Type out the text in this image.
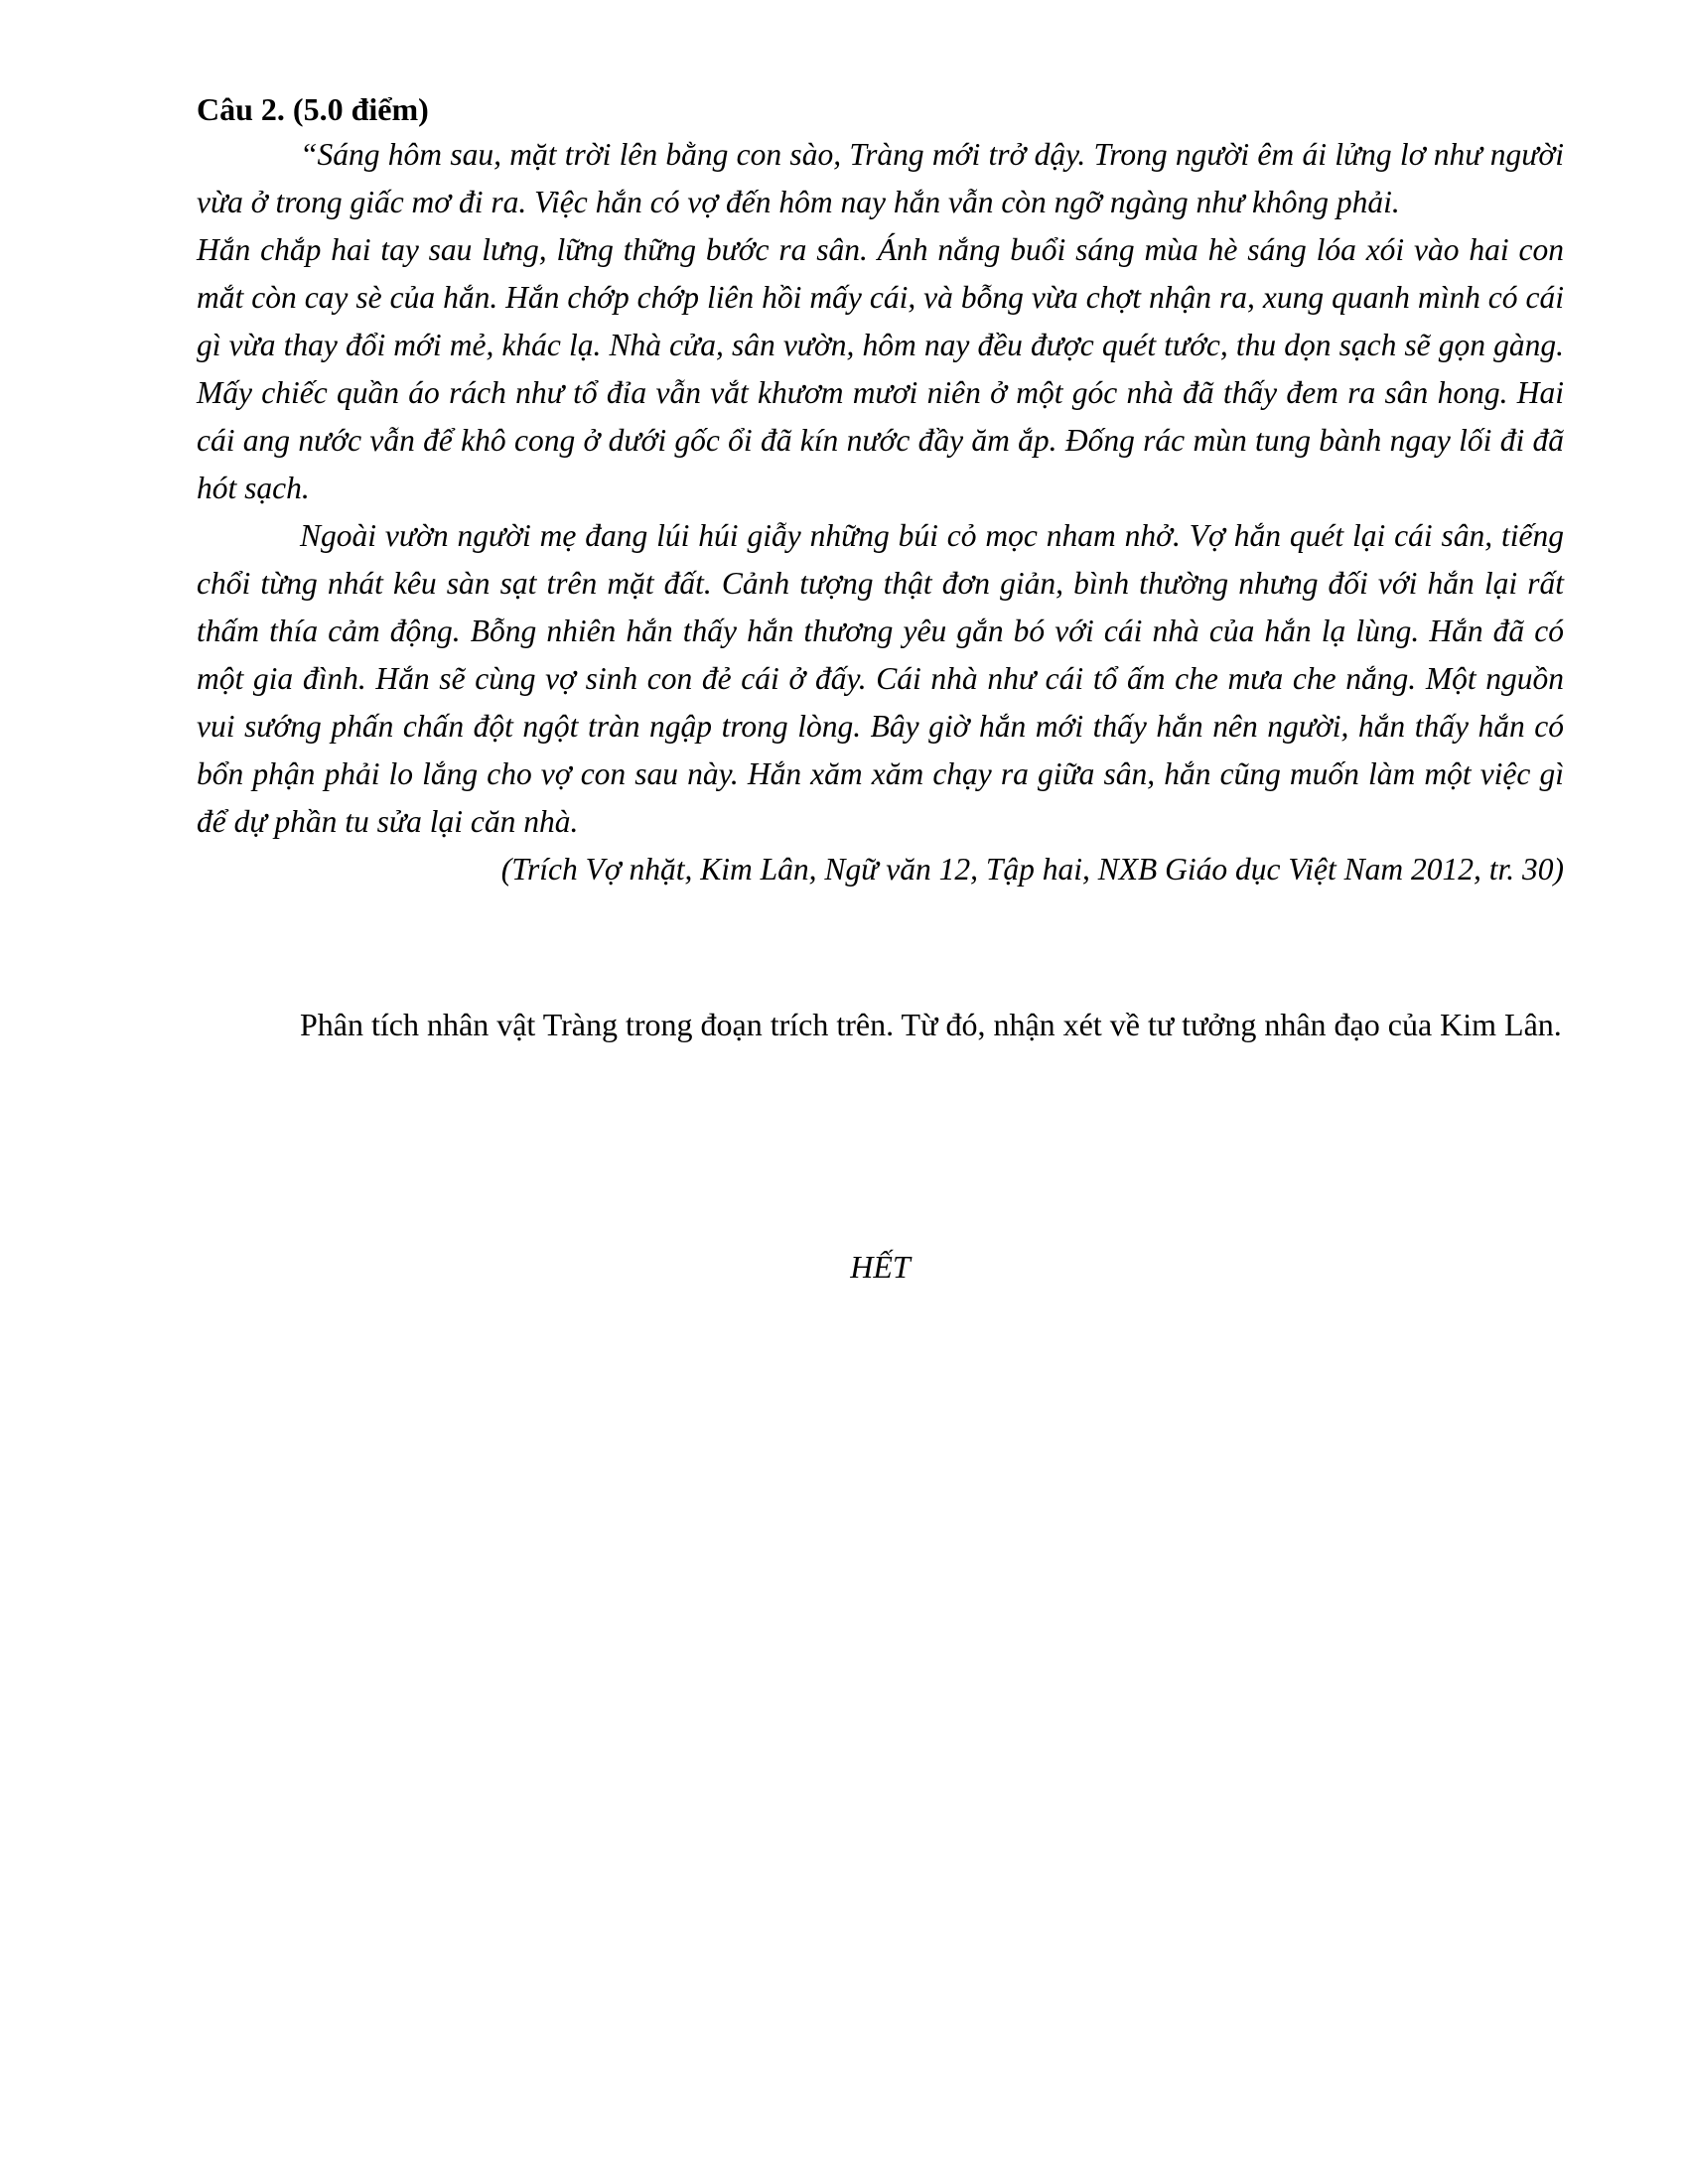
Câu 2. (5.0 điểm)

“Sáng hôm sau, mặt trời lên bằng con sào, Tràng mới trở dậy. Trong người êm ái lửng lơ như người vừa ở trong giấc mơ đi ra. Việc hắn có vợ đến hôm nay hắn vẫn còn ngỡ ngàng như không phải.

Hắn chắp hai tay sau lưng, lững thững bước ra sân. Ánh nắng buổi sáng mùa hè sáng lóa xói vào hai con mắt còn cay sè của hắn. Hắn chớp chớp liên hồi mấy cái, và bỗng vừa chợt nhận ra, xung quanh mình có cái gì vừa thay đổi mới mẻ, khác lạ. Nhà cửa, sân vườn, hôm nay đều được quét tước, thu dọn sạch sẽ gọn gàng. Mấy chiếc quần áo rách như tổ đỉa vẫn vắt khươm mươi niên ở một góc nhà đã thấy đem ra sân hong. Hai cái ang nước vẫn để khô cong ở dưới gốc ổi đã kín nước đầy ăm ắp. Đống rác mùn tung bành ngay lối đi đã hót sạch.

Ngoài vườn người mẹ đang lúi húi giẫy những búi cỏ mọc nham nhở. Vợ hắn quét lại cái sân, tiếng chổi từng nhát kêu sàn sạt trên mặt đất. Cảnh tượng thật đơn giản, bình thường nhưng đối với hắn lại rất thấm thía cảm động. Bỗng nhiên hắn thấy hắn thương yêu gắn bó với cái nhà của hắn lạ lùng. Hắn đã có một gia đình. Hắn sẽ cùng vợ sinh con đẻ cái ở đấy. Cái nhà như cái tổ ấm che mưa che nắng. Một nguồn vui sướng phấn chấn đột ngột tràn ngập trong lòng. Bây giờ hắn mới thấy hắn nên người, hắn thấy hắn có bổn phận phải lo lắng cho vợ con sau này. Hắn xăm xăm chạy ra giữa sân, hắn cũng muốn làm một việc gì để dự phần tu sửa lại căn nhà.

(Trích Vợ nhặt, Kim Lân, Ngữ văn 12, Tập hai, NXB Giáo dục Việt Nam 2012, tr. 30)

Phân tích nhân vật Tràng trong đoạn trích trên. Từ đó, nhận xét về tư tưởng nhân đạo của Kim Lân.

HẾT
